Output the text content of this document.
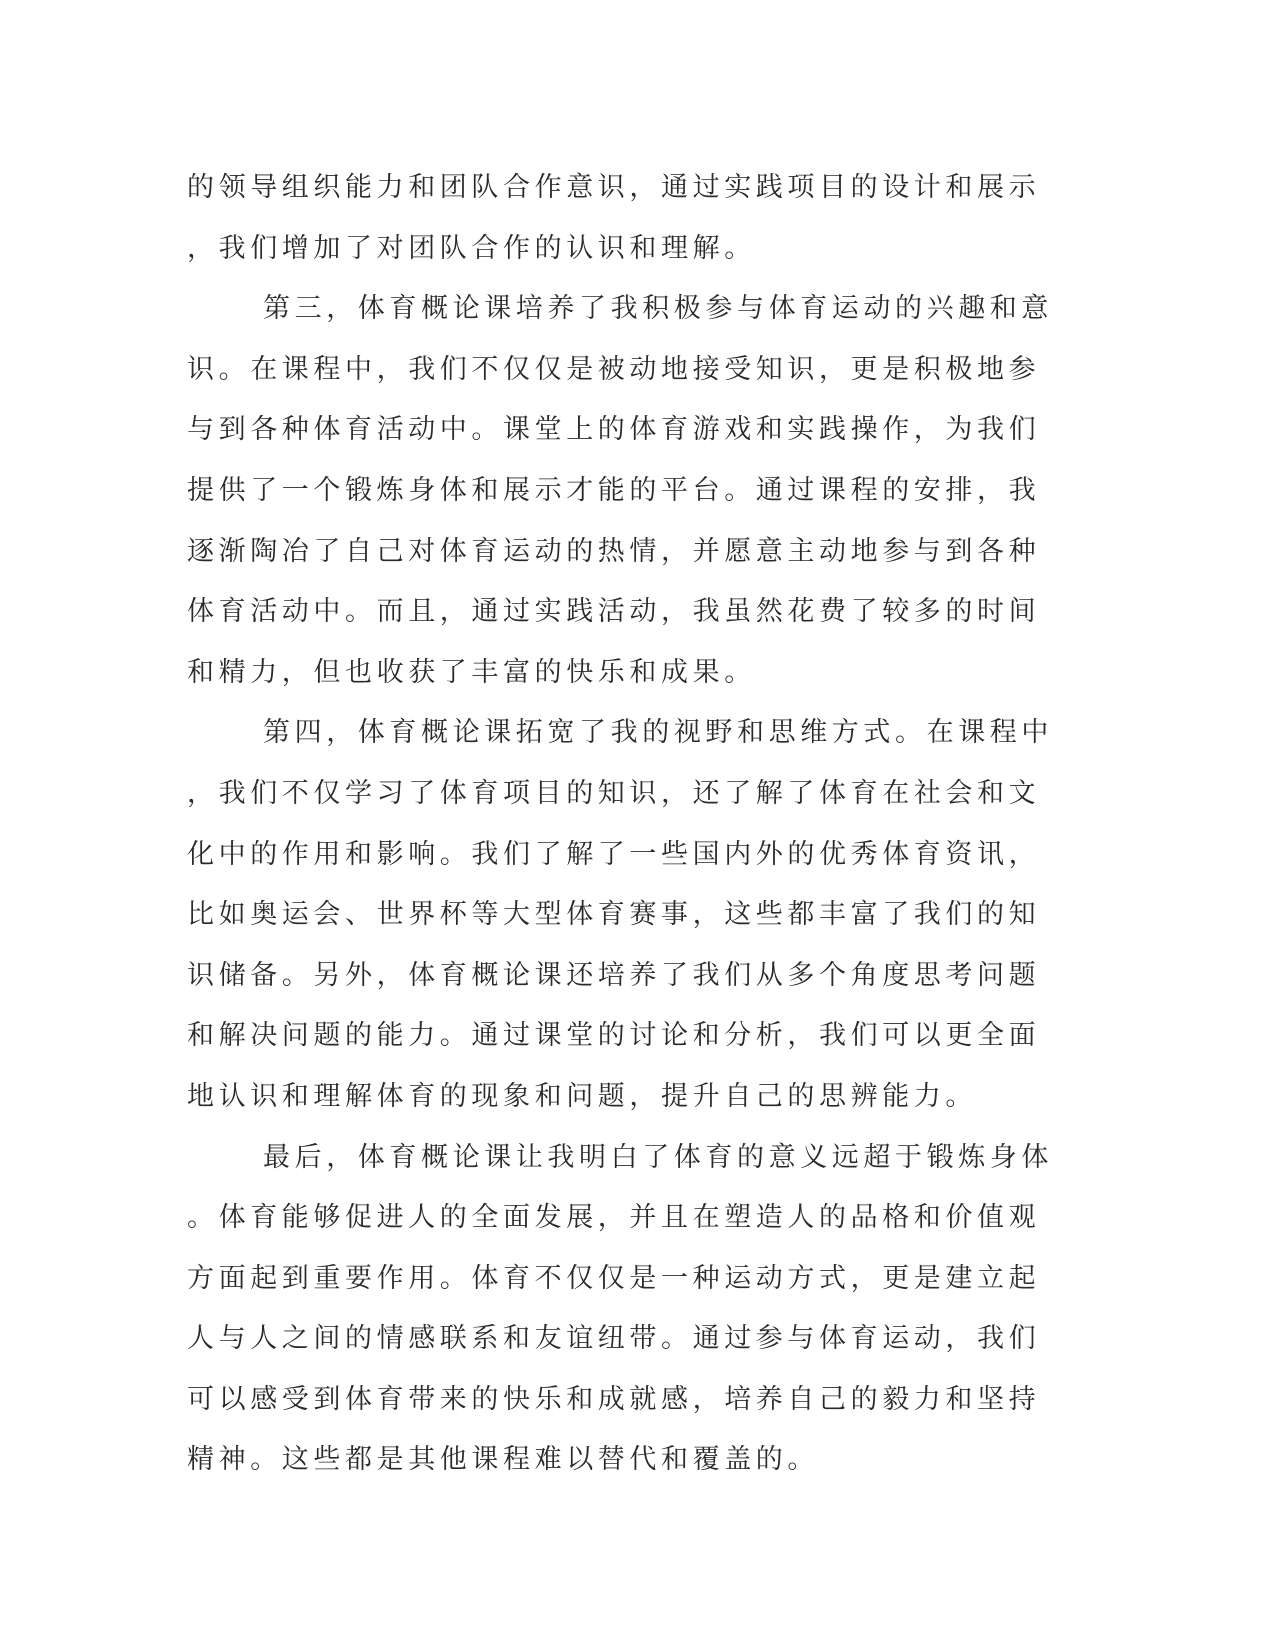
的领导组织能力和团队合作意识，通过实践项目的设计和展示，我们增加了对团队合作的认识和理解。

第三，体育概论课培养了我积极参与体育运动的兴趣和意识。在课程中，我们不仅仅是被动地接受知识，更是积极地参与到各种体育活动中。课堂上的体育游戏和实践操作，为我们提供了一个锻炼身体和展示才能的平台。通过课程的安排，我逐渐陶冶了自己对体育运动的热情，并愿意主动地参与到各种体育活动中。而且，通过实践活动，我虽然花费了较多的时间和精力，但也收获了丰富的快乐和成果。

第四，体育概论课拓宽了我的视野和思维方式。在课程中，我们不仅学习了体育项目的知识，还了解了体育在社会和文化中的作用和影响。我们了解了一些国内外的优秀体育资讯，比如奥运会、世界杯等大型体育赛事，这些都丰富了我们的知识储备。另外，体育概论课还培养了我们从多个角度思考问题和解决问题的能力。通过课堂的讨论和分析，我们可以更全面地认识和理解体育的现象和问题，提升自己的思辨能力。

最后，体育概论课让我明白了体育的意义远超于锻炼身体。体育能够促进人的全面发展，并且在塑造人的品格和价值观方面起到重要作用。体育不仅仅是一种运动方式，更是建立起人与人之间的情感联系和友谊纽带。通过参与体育运动，我们可以感受到体育带来的快乐和成就感，培养自己的毅力和坚持精神。这些都是其他课程难以替代和覆盖的。
